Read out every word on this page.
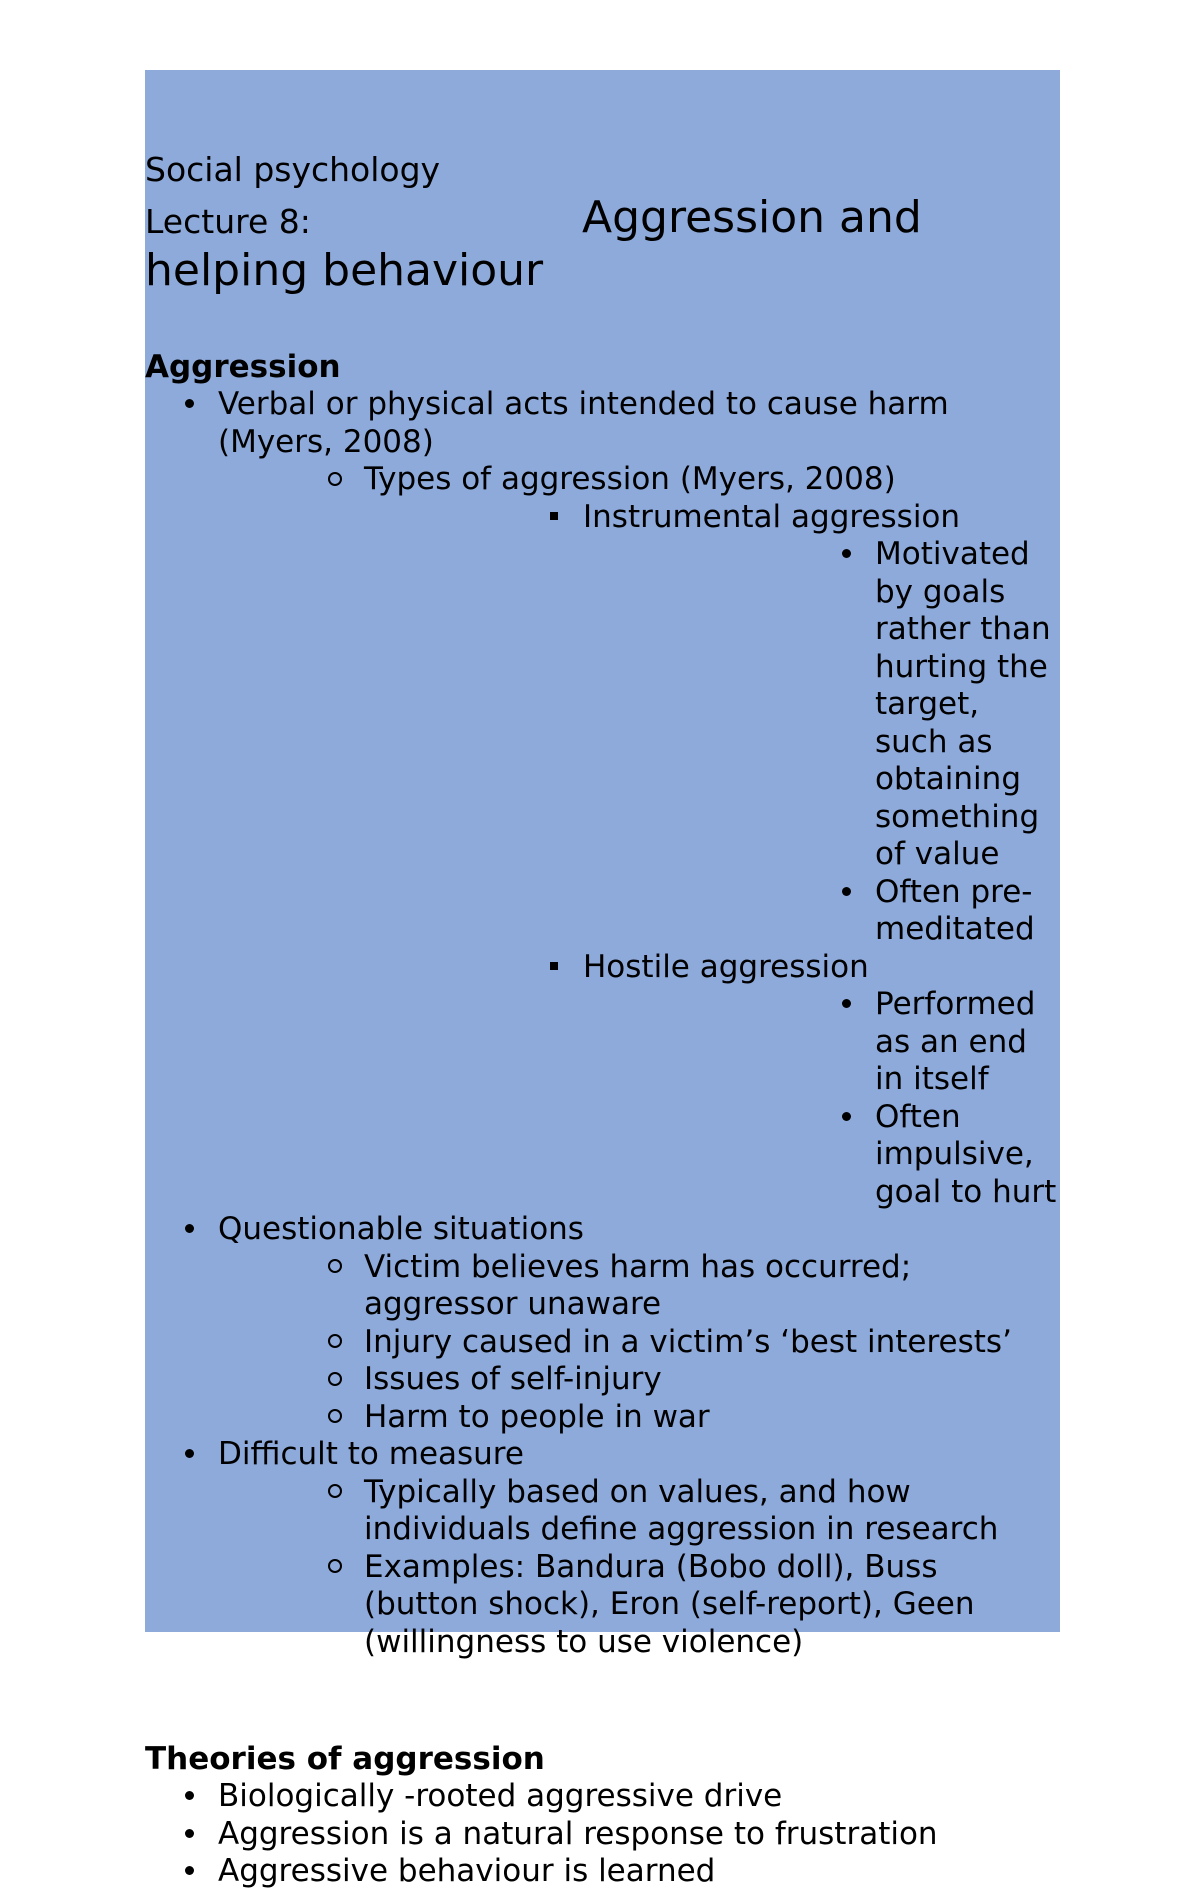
Social psychology

Lecture 8:	Aggression and
helping behaviour

Aggression

Verbal or physical acts intended to cause harm (Myers, 2008)
Types of aggression (Myers, 2008)
Instrumental aggression
Motivated by goals rather than hurting the target, such as obtaining something of value
Often pre-meditated
Hostile aggression
Performed as an end in itself
Often impulsive, goal to hurt
Questionable situations
Victim believes harm has occurred; aggressor unaware
Injury caused in a victim’s ‘best interests’
Issues of self-injury
Harm to people in war
Difficult to measure
Typically based on values, and how individuals define aggression in research
Examples: Bandura (Bobo doll), Buss (button shock), Eron (self-report), Geen (willingness to use violence)

Theories of aggression

Biologically -rooted aggressive drive
Aggression is a natural response to frustration
Aggressive behaviour is learned
